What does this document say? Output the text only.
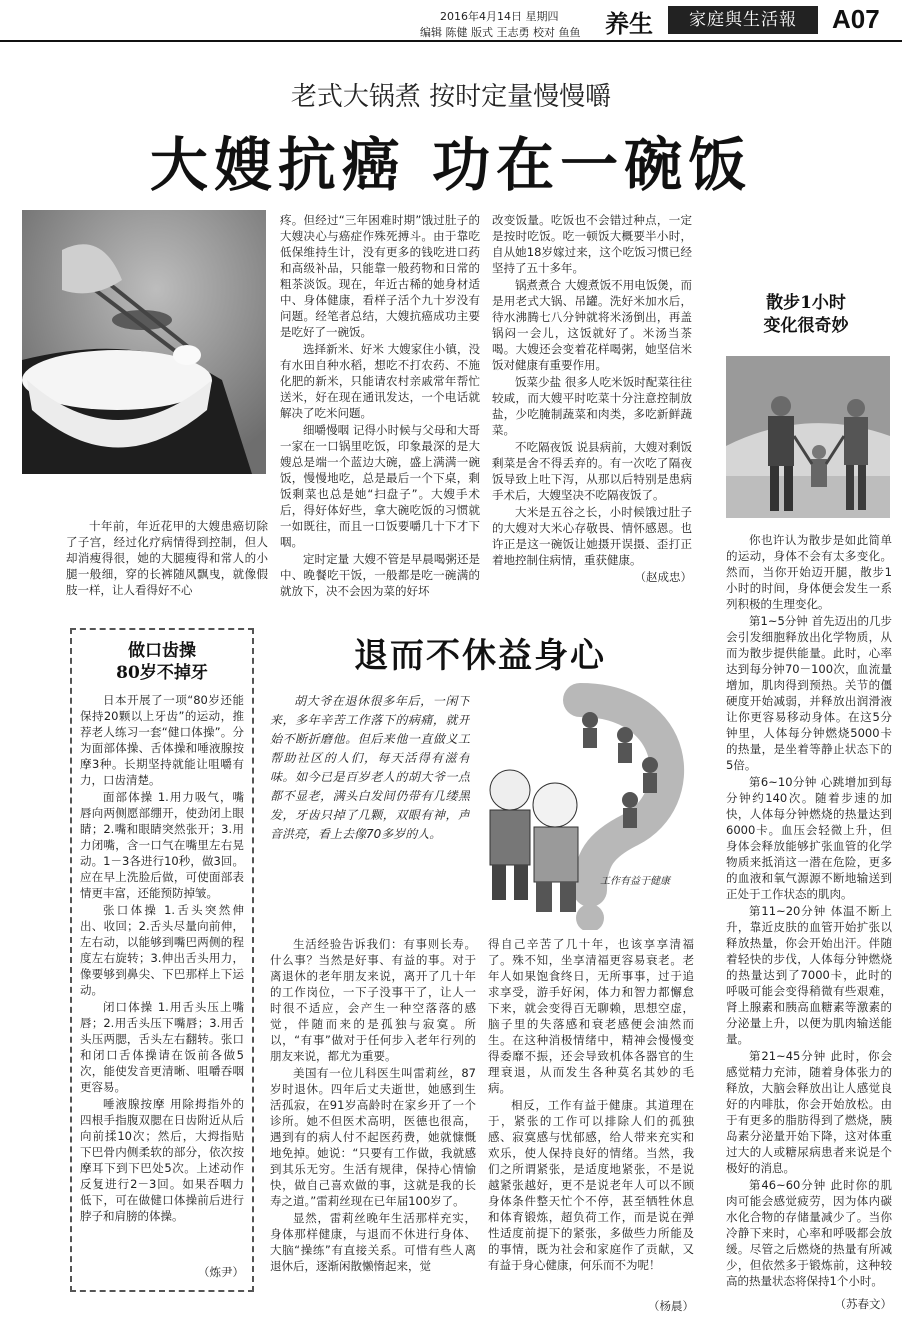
2016年4月14日 星期四
编辑 陈健 版式 王志勇 校对 鱼鱼 养生	家庭與生活報	A07
老式大锅煮 按时定量慢慢嚼
大嫂抗癌 功在一碗饭

十年前，年近花甲的大嫂患癌切除了子宫，经过化疗病情得到控制，但人却消瘦得很，她的大腿瘦得和常人的小腿一般细，穿的长裤随风飘曳，就像假肢一样，让人看得好不心

疼。但经过“三年困难时期”饿过肚子的大嫂决心与癌症作殊死搏斗。由于靠吃低保维持生计，没有更多的钱吃进口药和高级补品，只能靠一般药物和日常的粗茶淡饭。现在，年近古稀的她身材适中、身体健康，看样子活个九十岁没有问题。经笔者总结，大嫂抗癌成功主要是吃好了一碗饭。

选择新米、好米 大嫂家住小镇，没有水田自种水稻，想吃不打农药、不施化肥的新米，只能请农村亲戚常年帮忙送米，好在现在通讯发达，一个电话就解决了吃米问题。

细嚼慢咽 记得小时候与父母和大哥一家在一口锅里吃饭，印象最深的是大嫂总是端一个蓝边大碗，盛上满满一碗饭，慢慢地吃，总是最后一个下桌，剩饭剩菜也总是她“扫盘子”。大嫂手术后，得好体好些，拿大碗吃饭的习惯就一如既往，而且一口饭要嚼几十下才下咽。

定时定量 大嫂不管是早晨喝粥还是中、晚餐吃干饭，一般都是吃一碗满的就放下，决不会因为菜的好坏

改变饭量。吃饭也不会错过种点，一定是按时吃饭。吃一顿饭大概要半小时，自从她18岁嫁过来，这个吃饭习惯已经坚持了五十多年。

锅煮煮合 大嫂煮饭不用电饭煲，而是用老式大锅、吊罐。洗好米加水后，待水沸腾七八分钟就将米汤倒出，再盖锅闷一会儿，这饭就好了。米汤当茶喝。大嫂还会变着花样喝粥，她坚信米饭对健康有重要作用。

饭菜少盐 很多人吃米饭时配菜往往较咸，而大嫂平时吃菜十分注意控制放盐，少吃腌制蔬菜和肉类，多吃新鲜蔬菜。

不吃隔夜饭 说县病前，大嫂对剩饭剩菜是舍不得丢弃的。有一次吃了隔夜饭导致上吐下泻，从那以后特别是患病手术后，大嫂坚决不吃隔夜饭了。

大米是五谷之长，小时候饿过肚子的大嫂对大米心存敬畏、情怀感恩。也许正是这一碗饭让她摄开误摄、歪打正着地控制住病情，重获健康。

（赵成忠）
散步1小时
变化很奇妙

你也许认为散步是如此简单的运动，身体不会有太多变化。然而，当你开始迈开腿，散步1小时的时间，身体便会发生一系列积极的生理变化。

第1~5分钟 首先迈出的几步会引发细胞释放出化学物质，从而为散步提供能量。此时，心率达到每分钟70－100次，血流量增加，肌肉得到预热。关节的僵硬度开始减弱，并释放出润滑液让你更容易移动身体。在这5分钟里，人体每分钟燃烧5000卡的热量，是坐着等静止状态下的5倍。

第6~10分钟 心跳增加到每分钟约140次。随着步速的加快，人体每分钟燃烧的热量达到6000卡。血压会轻微上升，但身体会释放能够扩张血管的化学物质来抵消这一潜在危险，更多的血液和氧气源源不断地输送到正处于工作状态的肌肉。

第11~20分钟 体温不断上升，靠近皮肤的血管开始扩张以释放热量，你会开始出汗。伴随着轻快的步伐，人体每分钟燃烧的热量达到了7000卡，此时的呼吸可能会变得稍微有些艰难，肾上腺素和胰高血糖素等激素的分泌量上升，以便为肌肉输送能量。

第21~45分钟 此时，你会感觉精力充沛，随着身体张力的释放，大脑会释放出让人感觉良好的内啡肽，你会开始放松。由于有更多的脂肪得到了燃烧，胰岛素分泌量开始下降，这对体重过大的人或糖尿病患者来说是个极好的消息。

第46~60分钟 此时你的肌肉可能会感觉疲劳，因为体内碳水化合物的存储量减少了。当你冷静下来时，心率和呼吸都会放缓。尽管之后燃烧的热量有所减少，但依然多于锻炼前，这种较高的热量状态将保持1个小时。

（苏春文）
做口齿操
80岁不掉牙

日本开展了一项“80岁还能保持20颗以上牙齿”的运动，推荐老人练习一套“健口体操”。分为面部体操、舌体操和唾液腺按摩3种。长期坚持就能让咀嚼有力，口齿清楚。

面部体操 1.用力吸气，嘴唇向两侧愿部绷开，使劲闭上眼睛；2.嘴和眼睛突然张开；3.用力闭嘴，含一口气在嘴里左右晃动。1－3各进行10秒，做3回。应在早上洗脸后做，可使面部表情更丰富，还能预防掉皱。

张口体操 1.舌头突然伸出、收回；2.舌头尽量向前伸，左右动，以能够到嘴巴两侧的程度左右旋转；3.伸出舌头用力，像要够到鼻尖、下巴那样上下运动。

闭口体操 1.用舌头压上嘴唇；2.用舌头压下嘴唇；3.用舌头压两腮，舌头左右翻转。张口和闭口舌体操请在饭前各做5次，能使发音更清晰、咀嚼吞咽更容易。

唾液腺按摩 用除拇指外的四根手指腹双腮在日齿附近从后向前揉10次；然后，大拇指贴下巴骨内侧柔软的部分，依次按摩耳下到下巴处5次。上述动作反复进行2－3回。如果吞咽力低下，可在做健口体操前后进行脖子和肩膀的体操。

（炼尹）
退而不休益身心

胡大爷在退休很多年后，一闲下来，多年辛苦工作落下的病痛，就开始不断折磨他。但后来他一直做义工帮助社区的人们，每天活得有滋有味。如今已是百岁老人的胡大爷一点都不显老，满头白发间仍带有几缕黑发，牙齿只掉了几颗，双眼有神，声音洪亮，看上去像70多岁的人。

工作有益于健康

生活经验告诉我们：有事则长寿。什么事？当然是好事、有益的事。对于离退休的老年朋友来说，离开了几十年的工作岗位，一下子没事干了，让人一时很不适应，会产生一种空落落的感觉，伴随而来的是孤独与寂寞。所以，“有事”做对于任何步入老年行列的朋友来说，都尤为重要。

美国有一位儿科医生叫雷莉丝，87岁时退休。四年后丈夫逝世，她感到生活孤寂，在91岁高龄时在家乡开了一个诊所。她不但医术高明，医德也很高，遇到有的病人付不起医药费，她就慷慨地免掉。她说：“只要有工作做，我就感到其乐无穷。生活有规律，保持心情愉快，做自己喜欢做的事，这就是我的长寿之道。”雷莉丝现在已年届100岁了。

显然，雷莉丝晚年生活那样充实，身体那样健康，与退而不休进行身体、大脑“操练”有直接关系。可惜有些人离退休后，逐渐闲散懒惰起来，觉

得自己辛苦了几十年，也该享享清福了。殊不知，坐享清福更容易衰老。老年人如果饱食终日，无所事事，过于追求享受，游手好闲，体力和智力都懈怠下来，就会变得百无聊赖，思想空虚，脑子里的失落感和衰老感便会油然而生。在这种消极情绪中，精神会慢慢变得委靡不振，还会导致机体各器官的生理衰退，从而发生各种莫名其妙的毛病。

相反，工作有益于健康。其道理在于，紧张的工作可以排除人们的孤独感、寂寞感与忧郁感，给人带来充实和欢乐，使人保持良好的情绪。当然，我们之所谓紧张，是适度地紧张，不是说越紧张越好，更不是说老年人可以不顾身体条件整天忙个不停，甚至牺牲休息和体育锻炼，超负荷工作，而是说在弹性适度前提下的紧张，多做些力所能及的事情，既为社会和家庭作了贡献，又有益于身心健康，何乐而不为呢！

（杨晨）
